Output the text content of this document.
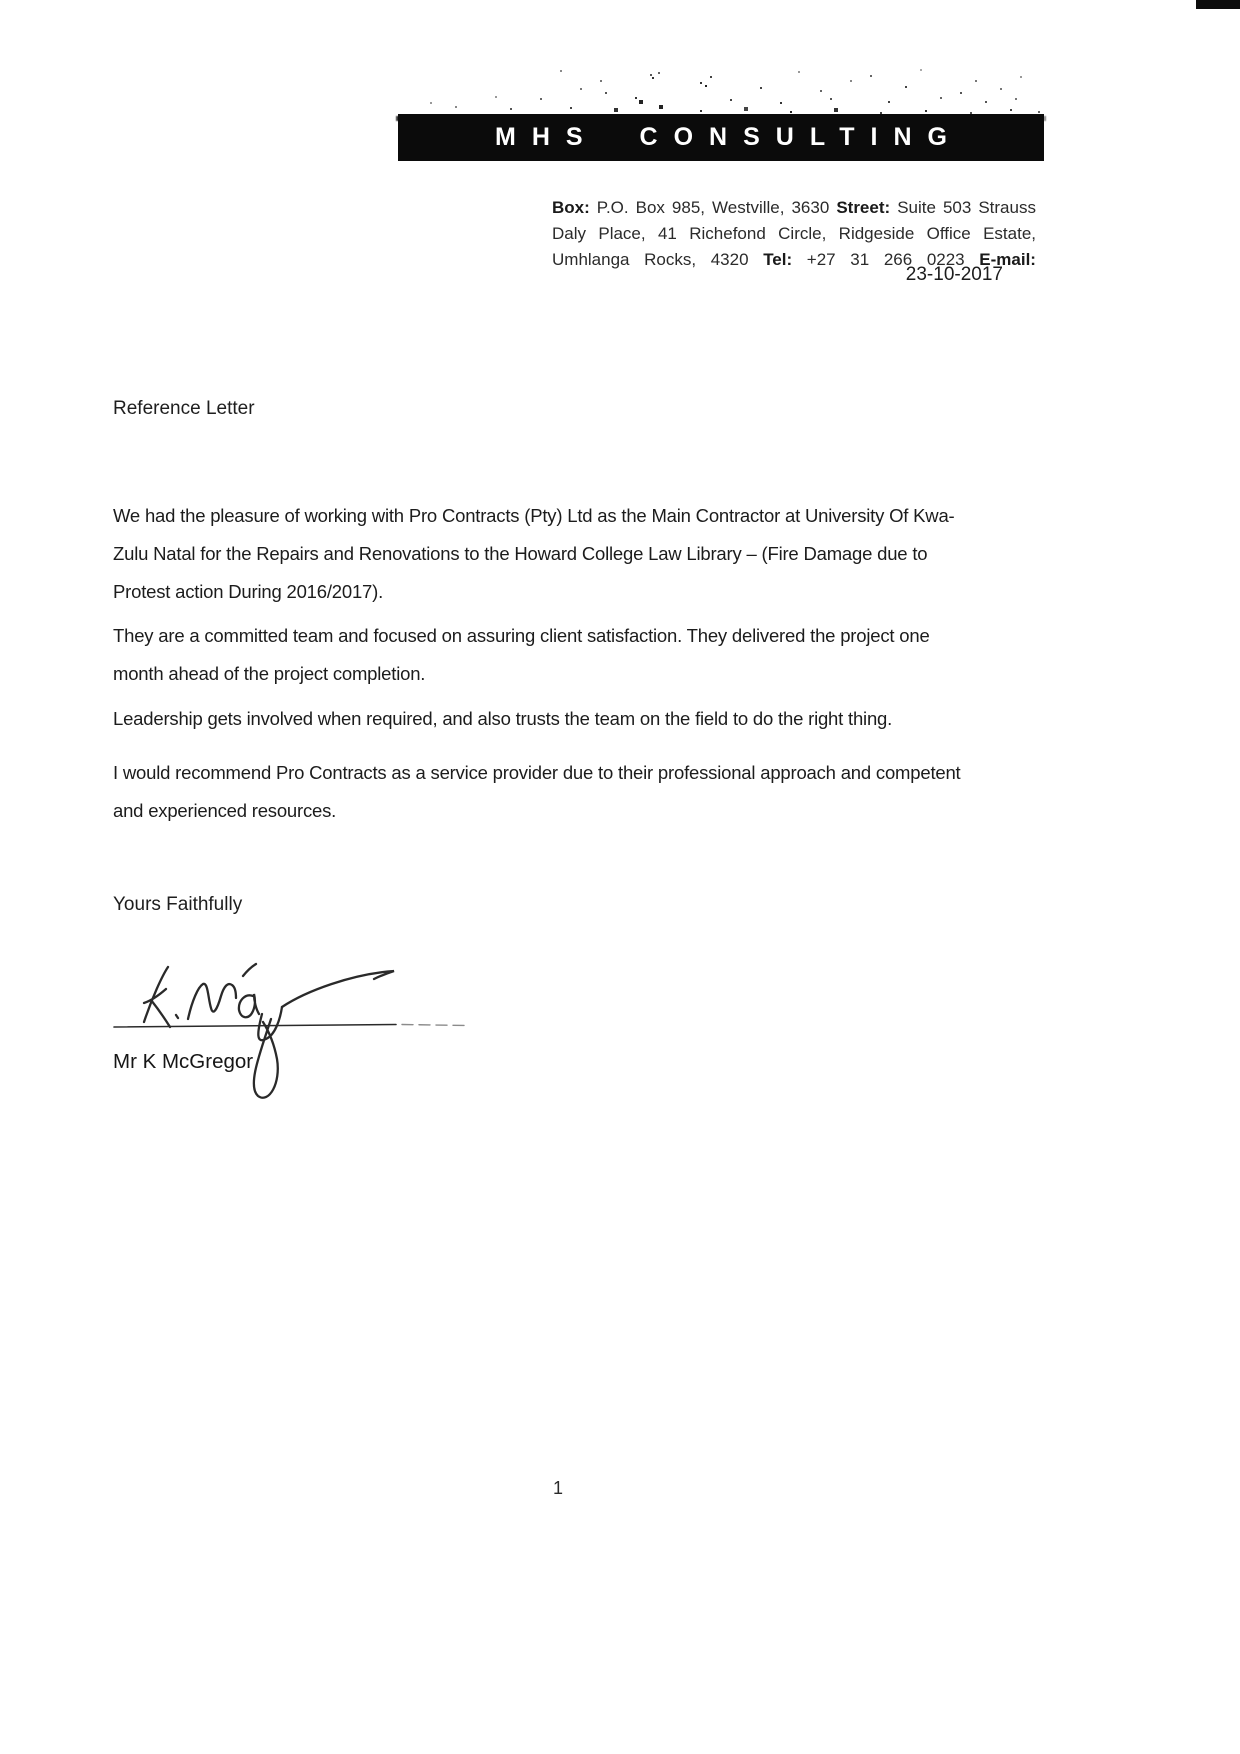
MHS CONSULTING

Box: P.O. Box 985, Westville, 3630 Street: Suite 503 Strauss
Daly Place, 41 Richefond Circle, Ridgeside Office Estate,
Umhlanga Rocks, 4320 Tel: +27 31 266 0223 E-mail:

23-10-2017
Reference Letter

We had the pleasure of working with Pro Contracts (Pty) Ltd as the Main Contractor at University Of Kwa-
Zulu Natal for the Repairs and Renovations to the Howard College Law Library – (Fire Damage due to
Protest action During 2016/2017).

They are a committed team and focused on assuring client satisfaction. They delivered the project one
month ahead of the project completion.

Leadership gets involved when required, and also trusts the team on the field to do the right thing.

I would recommend Pro Contracts as a service provider due to their professional approach and competent
and experienced resources.

Yours Faithfully
Mr K McGregor
1
